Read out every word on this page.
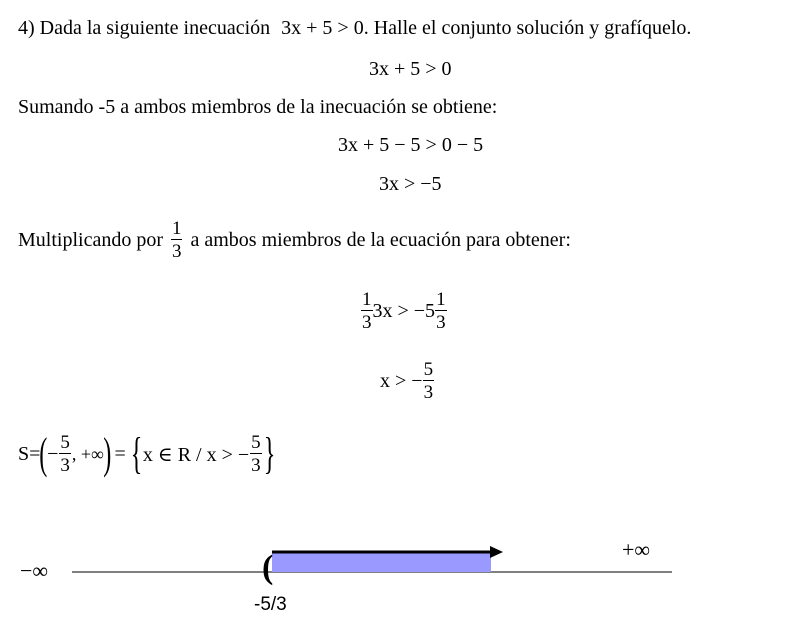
4) Dada la siguiente inecuación 3x + 5 > 0. Halle el conjunto solución y grafíquelo.
3x + 5 > 0
Sumando -5 a ambos miembros de la inecuación se obtiene:
3x + 5 − 5 > 0 − 5
3x > −5
Multiplicando por $\frac{1}{3}$ a ambos miembros de la ecuación para obtener:
$\frac{1}{3} 3x > -5 \frac{1}{3}$
x > − $\frac{5}{3}$
S= ( − $\frac{5}{3}$ , +∞ ) = { x ∈ R / x > − $\frac{5}{3}$ }
−∞	(	+∞
-5/3
